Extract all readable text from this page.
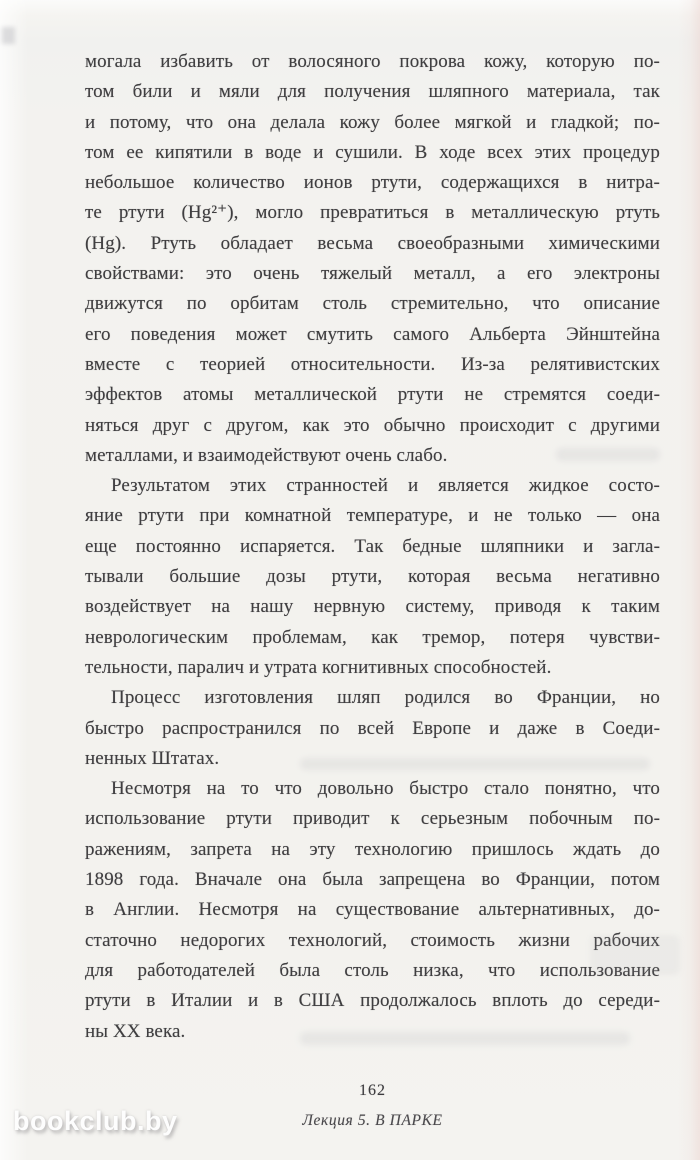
могала избавить от волосяного покрова кожу, которую по-
том били и мяли для получения шляпного материала, так
и потому, что она делала кожу более мягкой и гладкой; по-
том ее кипятили в воде и сушили. В ходе всех этих процедур
небольшое количество ионов ртути, содержащихся в нитра-
те ртути (Hg²⁺), могло превратиться в металлическую ртуть
(Hg). Ртуть обладает весьма своеобразными химическими
свойствами: это очень тяжелый металл, а его электроны
движутся по орбитам столь стремительно, что описание
его поведения может смутить самого Альберта Эйнштейна
вместе с теорией относительности. Из-за релятивистских
эффектов атомы металлической ртути не стремятся соеди-
няться друг с другом, как это обычно происходит с другими
металлами, и взаимодействуют очень слабо.
Результатом этих странностей и является жидкое состо-
яние ртути при комнатной температуре, и не только — она
еще постоянно испаряется. Так бедные шляпники и загла-
тывали большие дозы ртути, которая весьма негативно
воздействует на нашу нервную систему, приводя к таким
неврологическим проблемам, как тремор, потеря чувстви-
тельности, паралич и утрата когнитивных способностей.
Процесс изготовления шляп родился во Франции, но
быстро распространился по всей Европе и даже в Соеди-
ненных Штатах.
Несмотря на то что довольно быстро стало понятно, что
использование ртути приводит к серьезным побочным по-
ражениям, запрета на эту технологию пришлось ждать до
1898 года. Вначале она была запрещена во Франции, потом
в Англии. Несмотря на существование альтернативных, до-
статочно недорогих технологий, стоимость жизни рабочих
для работодателей была столь низка, что использование
ртути в Италии и в США продолжалось вплоть до середи-
ны XX века.
162
Лекция 5. В ПАРКЕ
bookclub.by
